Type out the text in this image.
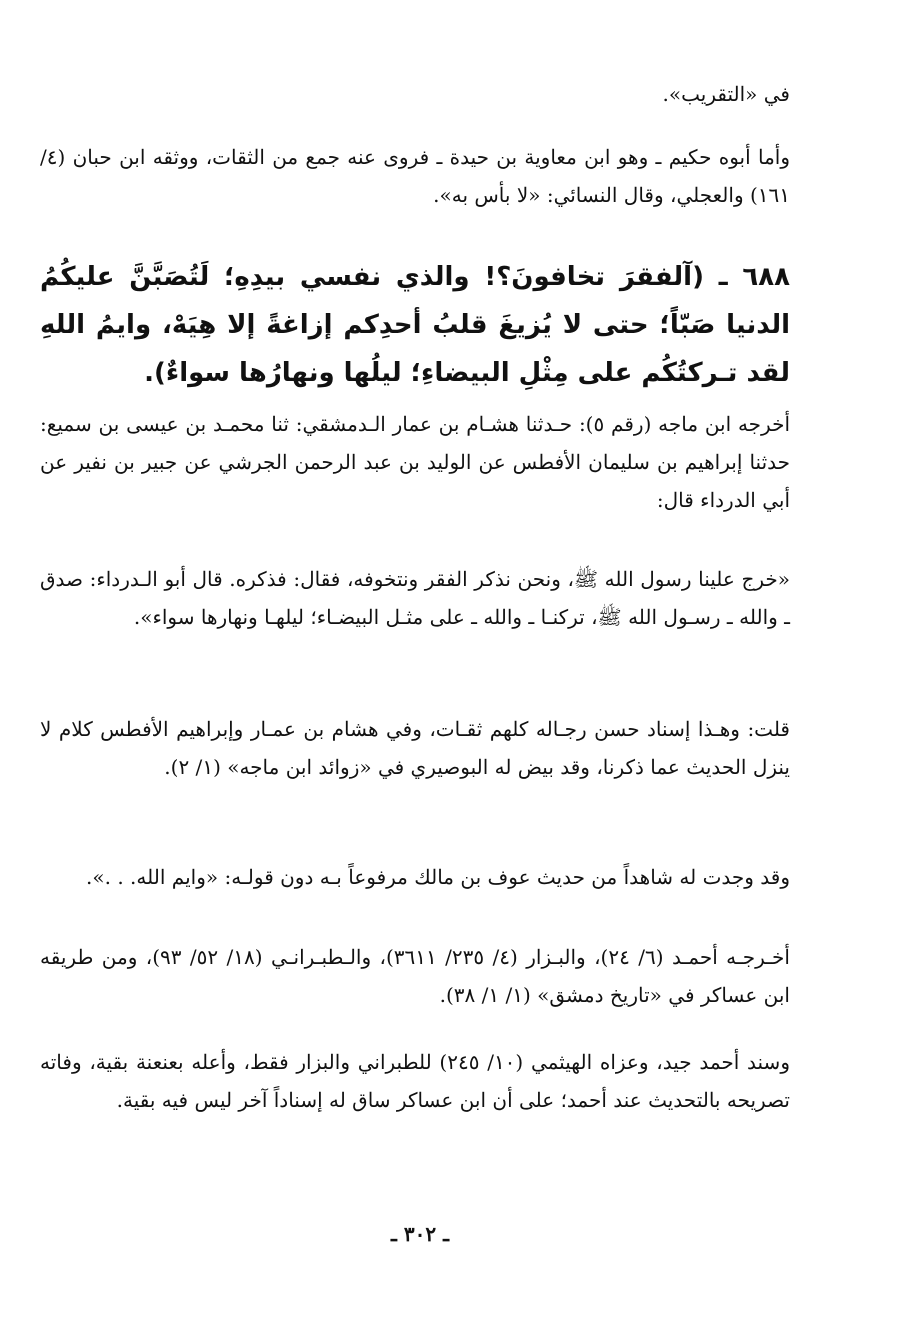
في «التقريب».

وأما أبوه حكيم ـ وهو ابن معاوية بن حيدة ـ فروى عنه جمع من الثقات، ووثقه ابن حبان (٤/ ١٦١) والعجلي، وقال النسائي: «لا بأس به».

٦٨٨ ـ (آلفقرَ تخافونَ؟! والذي نفسي بيدِهِ؛ لَتُصَبَّنَّ عليكُمُ الدنيا صَبّاً؛ حتى لا يُزيغَ قلبُ أحدِكم إزاغةً إلا هِيَهْ، وايمُ اللهِ لقد تـركتُكُم على مِثْلِ البيضاءِ؛ ليلُها ونهارُها سواءٌ).

أخرجه ابن ماجه (رقم ٥): حـدثنا هشـام بن عمار الـدمشقي: ثنا محمـد بن عيسى بن سميع: حدثنا إبراهيم بن سليمان الأفطس عن الوليد بن عبد الرحمن الجرشي عن جبير بن نفير عن أبي الدرداء قال:

«خرج علينا رسول الله ﷺ، ونحن نذكر الفقر ونتخوفه، فقال: فذكره. قال أبو الـدرداء: صدق ـ والله ـ رسـول الله ﷺ، تركنـا ـ والله ـ على مثـل البيضـاء؛ ليلهـا ونهارها سواء».

قلت: وهـذا إسناد حسن رجـاله كلهم ثقـات، وفي هشام بن عمـار وإبراهيم الأفطس كلام لا ينزل الحديث عما ذكرنا، وقد بيض له البوصيري في «زوائد ابن ماجه» (١/ ٢).

وقد وجدت له شاهداً من حديث عوف بن مالك مرفوعاً بـه دون قولـه: «وايم الله. . .».

أخـرجـه أحمـد (٦/ ٢٤)، والبـزار (٤/ ٢٣٥/ ٣٦١١)، والـطبـرانـي (١٨/ ٥٢/ ٩٣)، ومن طريقه ابن عساكر في «تاريخ دمشق» (١/ ١/ ٣٨).

وسند أحمد جيد، وعزاه الهيثمي (١٠/ ٢٤٥) للطبراني والبزار فقط، وأعله بعنعنة بقية، وفاته تصريحه بالتحديث عند أحمد؛ على أن ابن عساكر ساق له إسناداً آخر ليس فيه بقية.

ـ ٣٠٢ ـ
